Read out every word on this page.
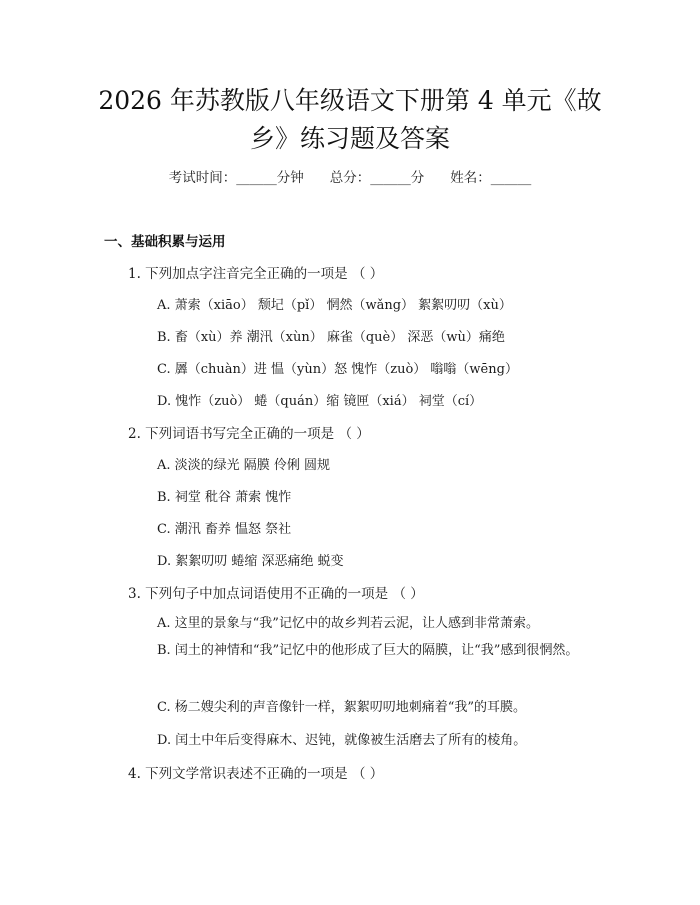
2026 年苏教版八年级语文下册第 4 单元《故乡》练习题及答案
考试时间：______分钟 总分：______分 姓名：______
一、基础积累与运用
1. 下列加点字注音完全正确的一项是 （ ）
A. 萧索（xiāo） 颓圮（pǐ） 惘然（wǎng） 絮絮叨叨（xù）
B. 畜（xù）养 潮汛（xùn） 麻雀（què） 深恶（wù）痛绝
C. 羼（chuàn）进 愠（yùn）怒 愧怍（zuò） 嗡嗡（wēng）
D. 愧怍（zuò） 蜷（quán）缩 镜匣（xiá） 祠堂（cí）
2. 下列词语书写完全正确的一项是 （ ）
A. 淡淡的绿光 隔膜 伶俐 圆规
B. 祠堂 秕谷 萧索 愧怍
C. 潮汛 畜养 愠怒 祭社
D. 絮絮叨叨 蜷缩 深恶痛绝 蜕变
3. 下列句子中加点词语使用不正确的一项是 （ ）
A. 这里的景象与“我”记忆中的故乡判若云泥，让人感到非常萧索。
B. 闰土的神情和“我”记忆中的他形成了巨大的隔膜，让“我”感到很惘然。
C. 杨二嫂尖利的声音像针一样，絮絮叨叨地刺痛着“我”的耳膜。
D. 闰土中年后变得麻木、迟钝，就像被生活磨去了所有的棱角。
4. 下列文学常识表述不正确的一项是 （ ）
